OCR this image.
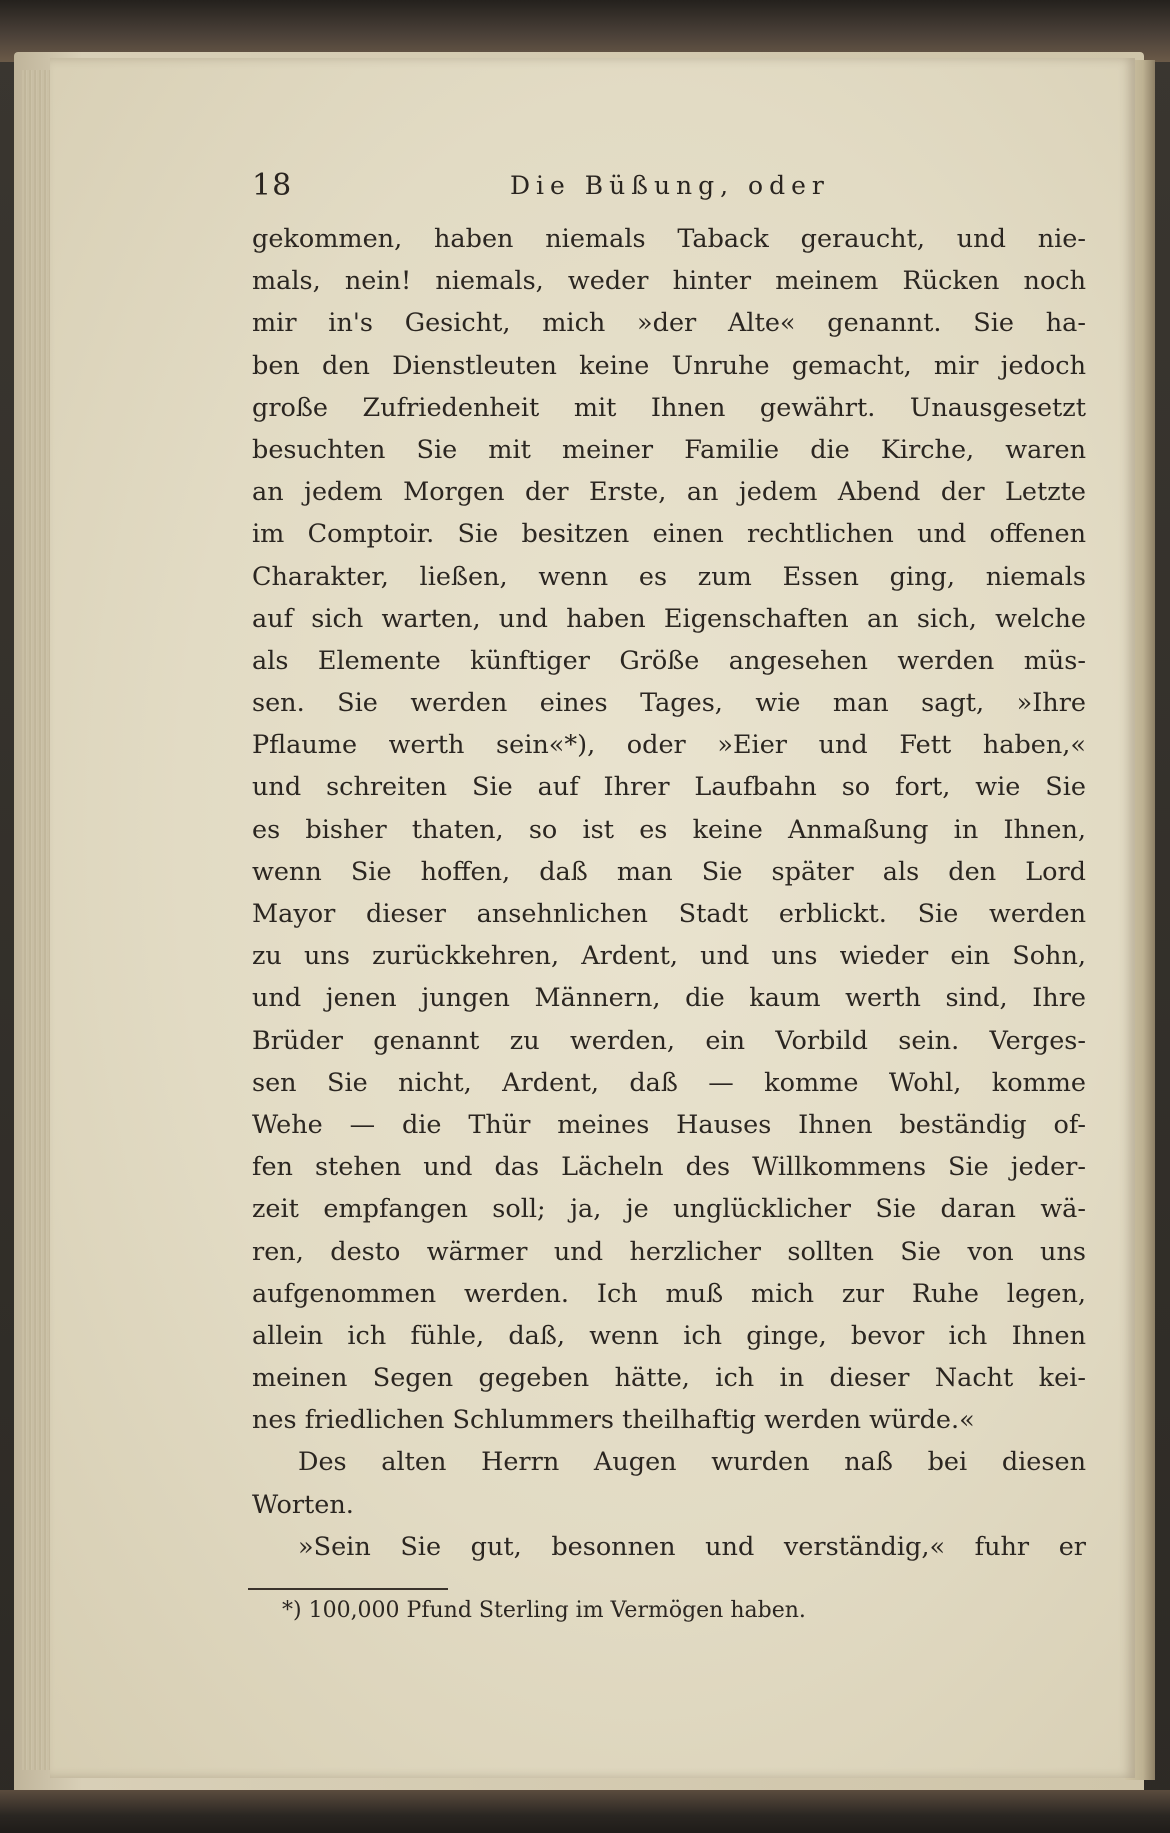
18	Die Büßung, oder
gekommen, haben niemals Taback geraucht, und nie-
mals, nein! niemals, weder hinter meinem Rücken noch
mir in's Gesicht, mich »der Alte« genannt. Sie ha-
ben den Dienstleuten keine Unruhe gemacht, mir jedoch
große Zufriedenheit mit Ihnen gewährt. Unausgesetzt
besuchten Sie mit meiner Familie die Kirche, waren
an jedem Morgen der Erste, an jedem Abend der Letzte
im Comptoir. Sie besitzen einen rechtlichen und offenen
Charakter, ließen, wenn es zum Essen ging, niemals
auf sich warten, und haben Eigenschaften an sich, welche
als Elemente künftiger Größe angesehen werden müs-
sen. Sie werden eines Tages, wie man sagt, »Ihre
Pflaume werth sein«*), oder »Eier und Fett haben,«
und schreiten Sie auf Ihrer Laufbahn so fort, wie Sie
es bisher thaten, so ist es keine Anmaßung in Ihnen,
wenn Sie hoffen, daß man Sie später als den Lord
Mayor dieser ansehnlichen Stadt erblickt. Sie werden
zu uns zurückkehren, Ardent, und uns wieder ein Sohn,
und jenen jungen Männern, die kaum werth sind, Ihre
Brüder genannt zu werden, ein Vorbild sein. Verges-
sen Sie nicht, Ardent, daß — komme Wohl, komme
Wehe — die Thür meines Hauses Ihnen beständig of-
fen stehen und das Lächeln des Willkommens Sie jeder-
zeit empfangen soll; ja, je unglücklicher Sie daran wä-
ren, desto wärmer und herzlicher sollten Sie von uns
aufgenommen werden. Ich muß mich zur Ruhe legen,
allein ich fühle, daß, wenn ich ginge, bevor ich Ihnen
meinen Segen gegeben hätte, ich in dieser Nacht kei-
nes friedlichen Schlummers theilhaftig werden würde.«
Des alten Herrn Augen wurden naß bei diesen
Worten.
»Sein Sie gut, besonnen und verständig,« fuhr er
*) 100,000 Pfund Sterling im Vermögen haben.
